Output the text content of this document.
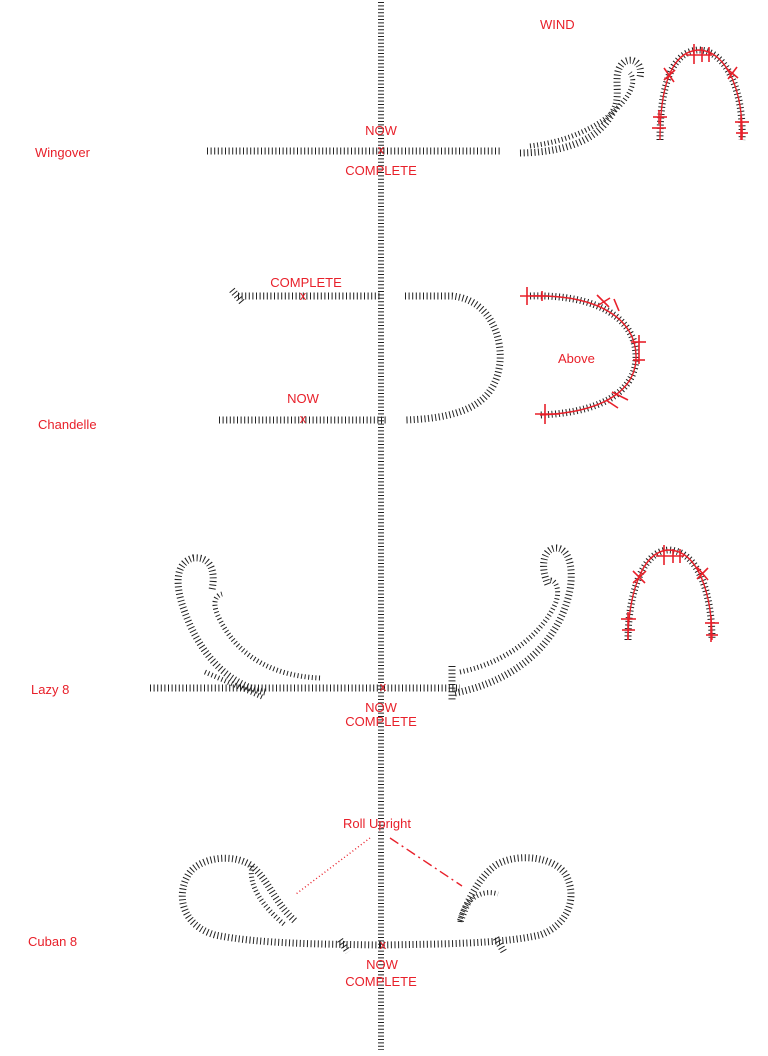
WIND
Wingover
NOW
x
COMPLETE
Chandelle
COMPLETE
x
NOW
x
Above
Lazy 8	x
NOW
COMPLETE
Cuban 8
Roll Upright
x
NOW
COMPLETE
